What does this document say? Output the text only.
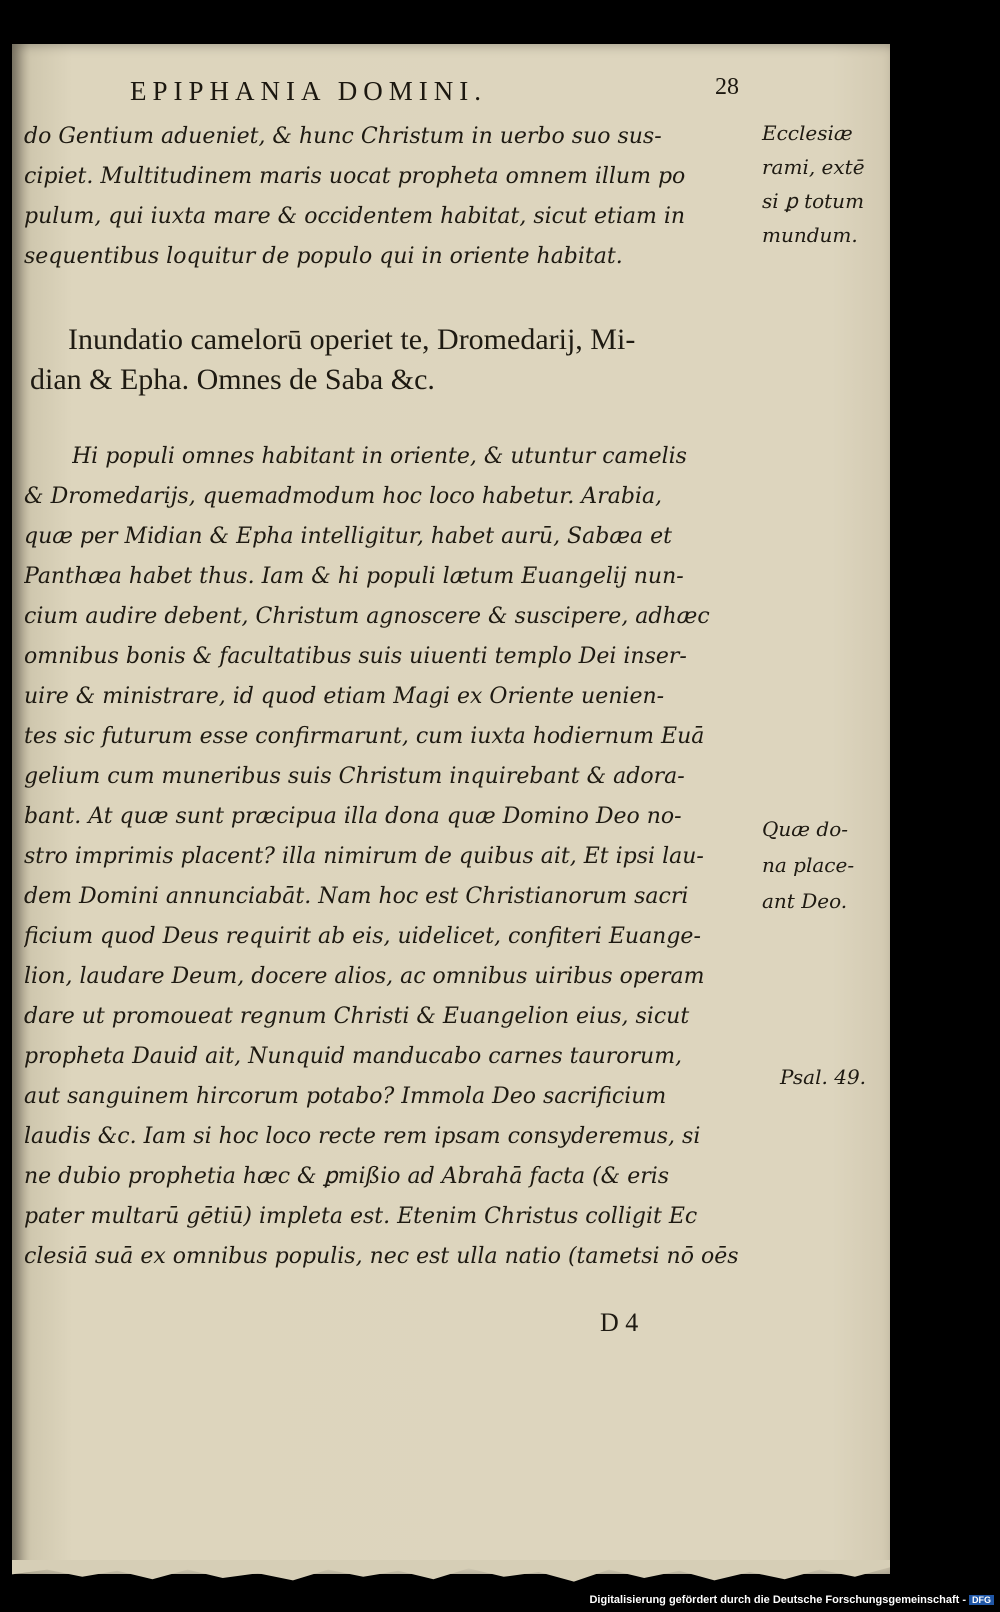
EPIPHANIA DOMINI.	28
do Gentium adueniet, & hunc Christum in uerbo suo sus-
cipiet. Multitudinem maris uocat propheta omnem illum po
pulum, qui iuxta mare & occidentem habitat, sicut etiam in
sequentibus loquitur de populo qui in oriente habitat.
Inundatio camelorū operiet te, Dromedarij, Mi-
dian & Epha. Omnes de Saba &c.
Hi populi omnes habitant in oriente, & utuntur camelis
& Dromedarijs, quemadmodum hoc loco habetur. Arabia,
quæ per Midian & Epha intelligitur, habet aurū, Sabæa et
Panthæa habet thus. Iam & hi populi lætum Euangelij nun-
cium audire debent, Christum agnoscere & suscipere, adhæc
omnibus bonis & facultatibus suis uiuenti templo Dei inser-
uire & ministrare, id quod etiam Magi ex Oriente uenien-
tes sic futurum esse confirmarunt, cum iuxta hodiernum Euā
gelium cum muneribus suis Christum inquirebant & adora-
bant. At quæ sunt præcipua illa dona quæ Domino Deo no-
stro imprimis placent? illa nimirum de quibus ait, Et ipsi lau-
dem Domini annunciabāt. Nam hoc est Christianorum sacri
ficium quod Deus requirit ab eis, uidelicet, confiteri Euange-
lion, laudare Deum, docere alios, ac omnibus uiribus operam
dare ut promoueat regnum Christi & Euangelion eius, sicut
propheta Dauid ait, Nunquid manducabo carnes taurorum,
aut sanguinem hircorum potabo? Immola Deo sacrificium
laudis &c. Iam si hoc loco recte rem ipsam consyderemus, si
ne dubio prophetia hæc & ꝑmißio ad Abrahā facta (& eris
pater multarū gētiū) impleta est. Etenim Christus colligit Ec
clesiā suā ex omnibus populis, nec est ulla natio (tametsi nō oēs
Ecclesiæ
rami, extē
si ꝑ totum
mundum.
Quæ do-
na place-
ant Deo.
Psal. 49.
D 4
Digitalisierung gefördert durch die Deutsche Forschungsgemeinschaft - DFG
